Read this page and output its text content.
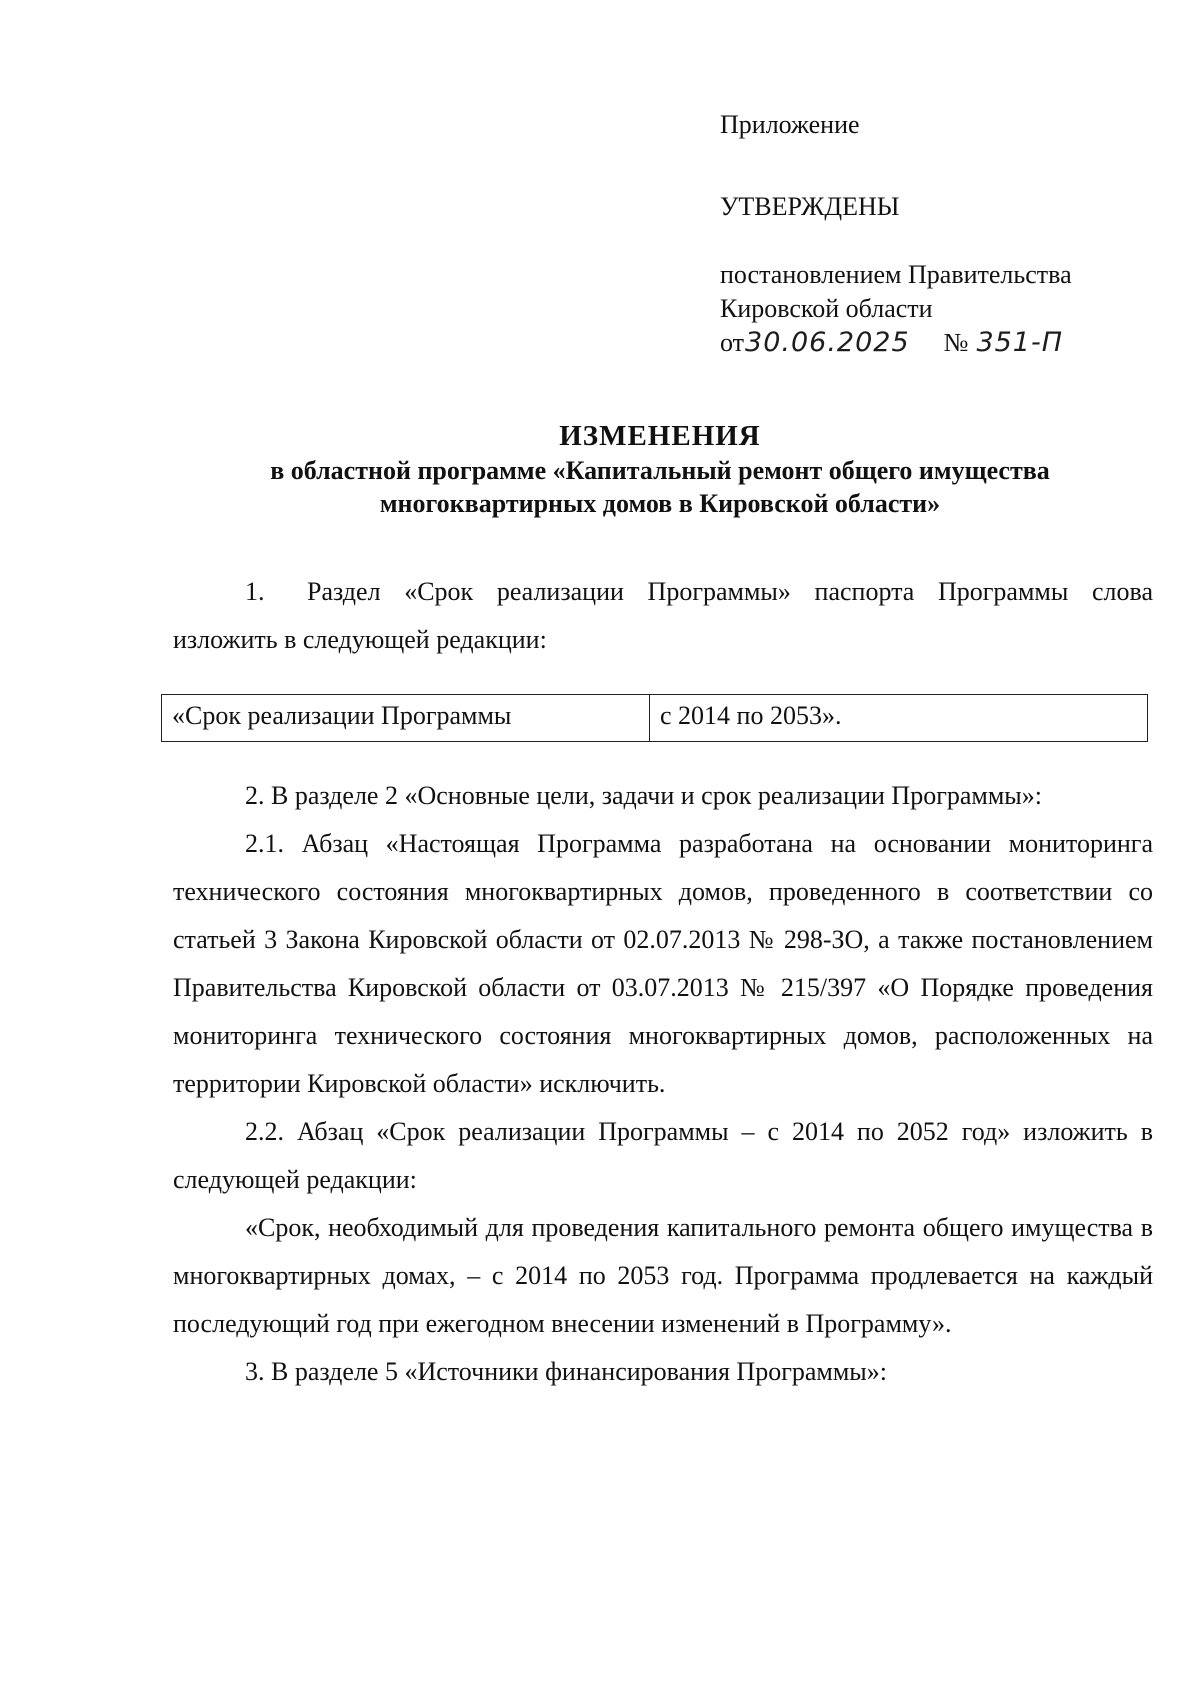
Приложение

УТВЕРЖДЕНЫ

постановлением Правительства

Кировской области

от30.06.2025 № 351-П

ИЗМЕНЕНИЯ

в областной программе «Капитальный ремонт общего имущества

многоквартирных домов в Кировской области»

1. Раздел «Срок реализации Программы» паспорта Программы слова изложить в следующей редакции:

«Срок реализации Программы	с 2014 по 2053».

2. В разделе 2 «Основные цели, задачи и срок реализации Программы»:

2.1. Абзац «Настоящая Программа разработана на основании мониторинга технического состояния многоквартирных домов, проведенного в соответствии со статьей 3 Закона Кировской области от 02.07.2013 № 298-ЗО, а также постановлением Правительства Кировской области от 03.07.2013 № 215/397 «О Порядке проведения мониторинга технического состояния многоквартирных домов, расположенных на территории Кировской области» исключить.

2.2. Абзац «Срок реализации Программы – с 2014 по 2052 год» изложить в следующей редакции:

«Срок, необходимый для проведения капитального ремонта общего имущества в многоквартирных домах, – с 2014 по 2053 год. Программа продлевается на каждый последующий год при ежегодном внесении изменений в Программу».

3. В разделе 5 «Источники финансирования Программы»:
